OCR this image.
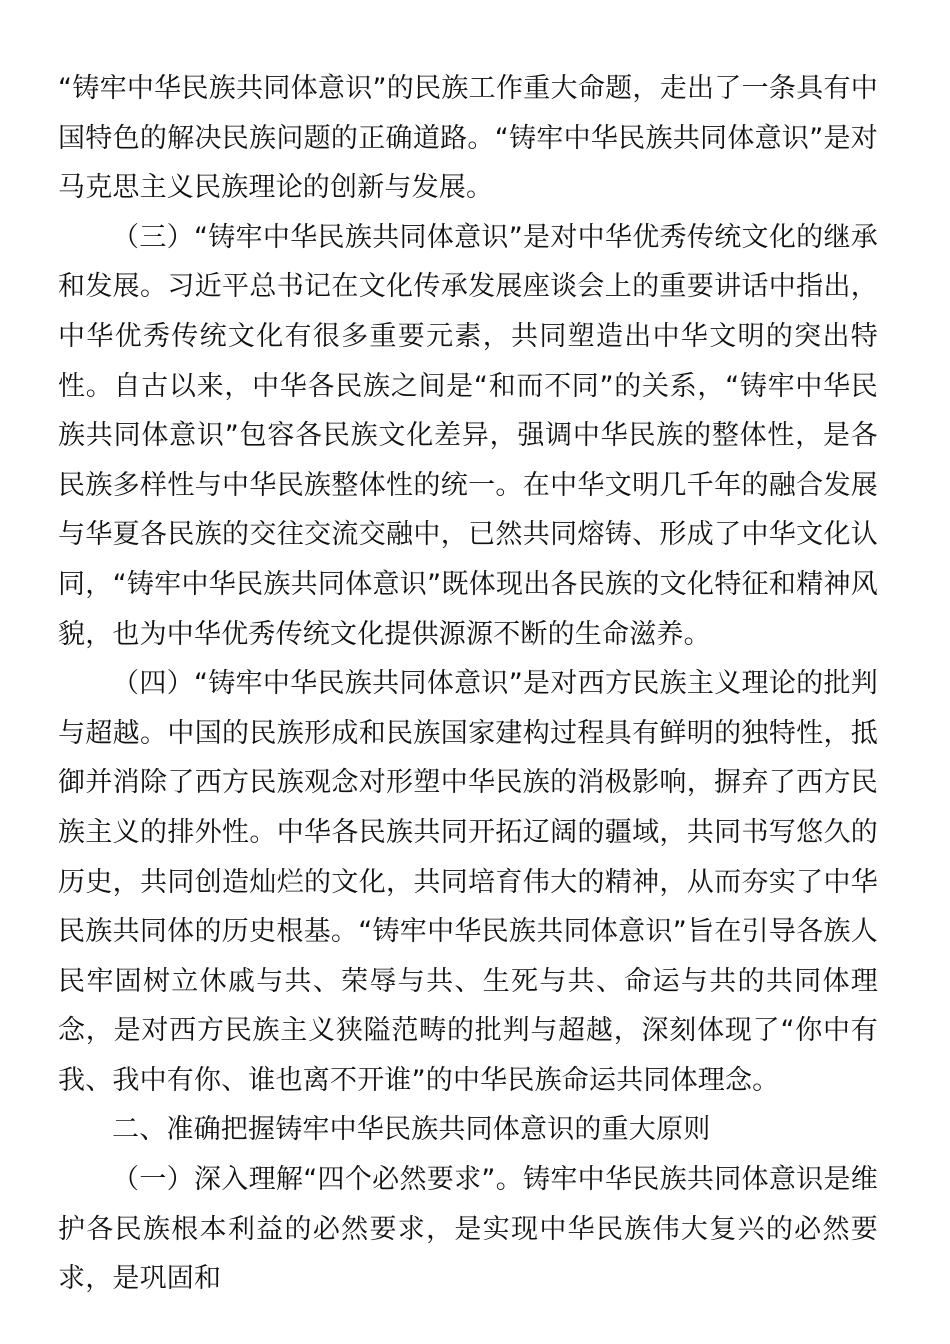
“铸牢中华民族共同体意识”的民族工作重大命题，走出了一条具有中国特色的解决民族问题的正确道路。“铸牢中华民族共同体意识”是对马克思主义民族理论的创新与发展。

（三）“铸牢中华民族共同体意识”是对中华优秀传统文化的继承和发展。习近平总书记在文化传承发展座谈会上的重要讲话中指出，中华优秀传统文化有很多重要元素，共同塑造出中华文明的突出特性。自古以来，中华各民族之间是“和而不同”的关系，“铸牢中华民族共同体意识”包容各民族文化差异，强调中华民族的整体性，是各民族多样性与中华民族整体性的统一。在中华文明几千年的融合发展与华夏各民族的交往交流交融中，已然共同熔铸、形成了中华文化认同，“铸牢中华民族共同体意识”既体现出各民族的文化特征和精神风貌，也为中华优秀传统文化提供源源不断的生命滋养。

（四）“铸牢中华民族共同体意识”是对西方民族主义理论的批判与超越。中国的民族形成和民族国家建构过程具有鲜明的独特性，抵御并消除了西方民族观念对形塑中华民族的消极影响，摒弃了西方民族主义的排外性。中华各民族共同开拓辽阔的疆域，共同书写悠久的历史，共同创造灿烂的文化，共同培育伟大的精神，从而夯实了中华民族共同体的历史根基。“铸牢中华民族共同体意识”旨在引导各族人民牢固树立休戚与共、荣辱与共、生死与共、命运与共的共同体理念，是对西方民族主义狭隘范畴的批判与超越，深刻体现了“你中有我、我中有你、谁也离不开谁”的中华民族命运共同体理念。

二、准确把握铸牢中华民族共同体意识的重大原则

（一）深入理解“四个必然要求”。铸牢中华民族共同体意识是维护各民族根本利益的必然要求，是实现中华民族伟大复兴的必然要求，是巩固和
